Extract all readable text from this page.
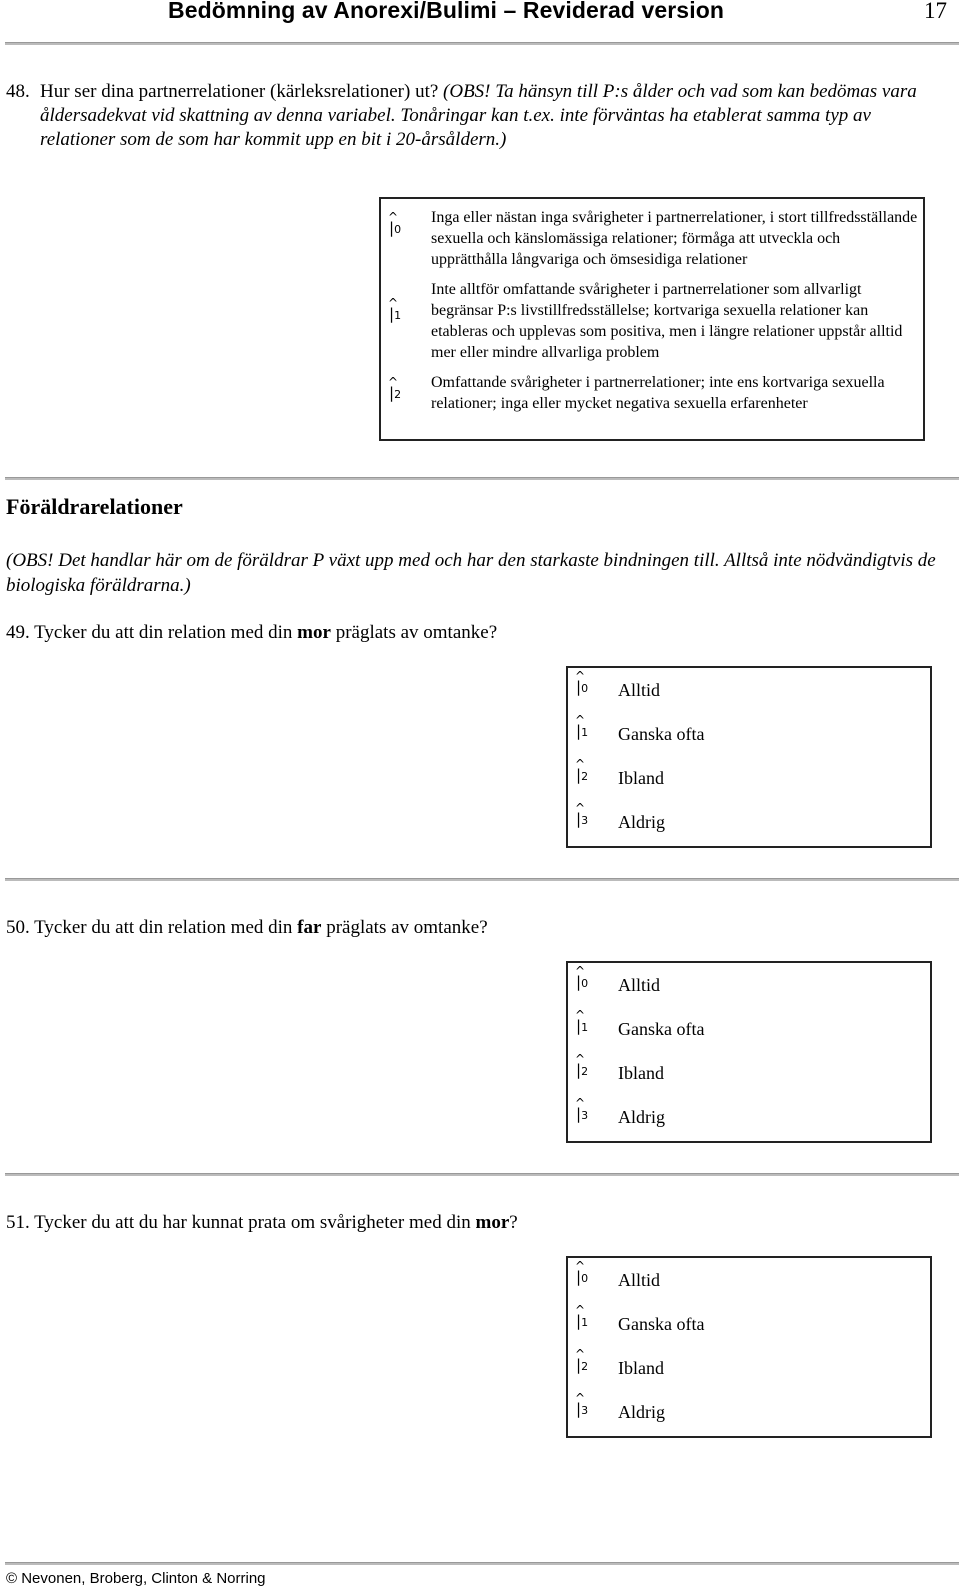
Bedömning av Anorexi/Bulimi – Reviderad version	17
48. Hur ser dina partnerrelationer (kärleksrelationer) ut? (OBS! Ta hänsyn till P:s ålder och vad som kan bedömas vara åldersadekvat vid skattning av denna variabel. Tonåringar kan t.ex. inte förväntas ha etablerat samma typ av relationer som de som har kommit upp en bit i 20-årsåldern.)
^
|0
Inga eller nästan inga svårigheter i partnerrelationer, i stort tillfredsställande sexuella och känslomässiga relationer; förmåga att utveckla och upprätthålla långvariga och ömsesidiga relationer
^
|1
Inte alltför omfattande svårigheter i partnerrelationer som allvarligt begränsar P:s livstillfredsställelse; kortvariga sexuella relationer kan etableras och upplevas som positiva, men i längre relationer uppstår alltid mer eller mindre allvarliga problem
^
|2
Omfattande svårigheter i partnerrelationer; inte ens kortvariga sexuella relationer; inga eller mycket negativa sexuella erfarenheter
Föräldrarelationer
(OBS! Det handlar här om de föräldrar P växt upp med och har den starkaste bindningen till. Alltså inte nödvändigtvis de biologiska föräldrarna.)
49. Tycker du att din relation med din mor präglats av omtanke?
^
|0 Alltid
^
|1 Ganska ofta
^
|2 Ibland
^
|3 Aldrig
50. Tycker du att din relation med din far präglats av omtanke?
^
|0 Alltid
^
|1 Ganska ofta
^
|2 Ibland
^
|3 Aldrig
51. Tycker du att du har kunnat prata om svårigheter med din mor?
^
|0 Alltid
^
|1 Ganska ofta
^
|2 Ibland
^
|3 Aldrig
© Nevonen, Broberg, Clinton & Norring
